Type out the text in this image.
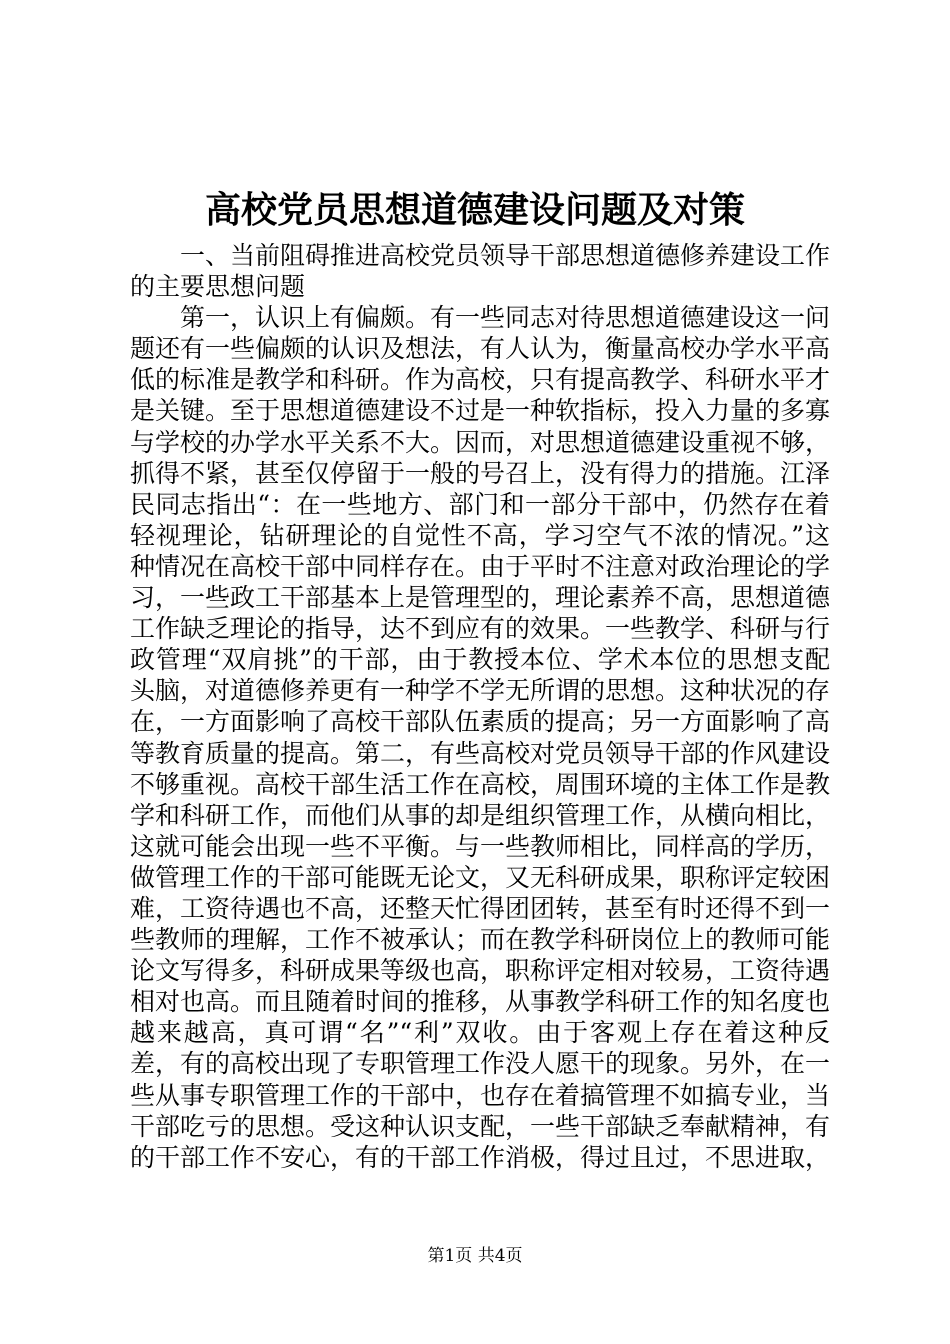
高校党员思想道德建设问题及对策

一、当前阻碍推进高校党员领导干部思想道德修养建设工作的主要思想问题

第一，认识上有偏颇。有一些同志对待思想道德建设这一问题还有一些偏颇的认识及想法，有人认为，衡量高校办学水平高低的标准是教学和科研。作为高校，只有提高教学、科研水平才是关键。至于思想道德建设不过是一种软指标，投入力量的多寡与学校的办学水平关系不大。因而，对思想道德建设重视不够，抓得不紧，甚至仅停留于一般的号召上，没有得力的措施。江泽民同志指出“：在一些地方、部门和一部分干部中，仍然存在着轻视理论，钻研理论的自觉性不高，学习空气不浓的情况。”这种情况在高校干部中同样存在。由于平时不注意对政治理论的学习，一些政工干部基本上是管理型的，理论素养不高，思想道德工作缺乏理论的指导，达不到应有的效果。一些教学、科研与行政管理“双肩挑”的干部，由于教授本位、学术本位的思想支配头脑，对道德修养更有一种学不学无所谓的思想。这种状况的存在，一方面影响了高校干部队伍素质的提高；另一方面影响了高等教育质量的提高。第二，有些高校对党员领导干部的作风建设不够重视。高校干部生活工作在高校，周围环境的主体工作是教学和科研工作，而他们从事的却是组织管理工作，从横向相比，这就可能会出现一些不平衡。与一些教师相比，同样高的学历，做管理工作的干部可能既无论文，又无科研成果，职称评定较困难，工资待遇也不高，还整天忙得团团转，甚至有时还得不到一些教师的理解，工作不被承认；而在教学科研岗位上的教师可能论文写得多，科研成果等级也高，职称评定相对较易，工资待遇相对也高。而且随着时间的推移，从事教学科研工作的知名度也越来越高，真可谓“名”“利”双收。由于客观上存在着这种反差，有的高校出现了专职管理工作没人愿干的现象。另外，在一些从事专职管理工作的干部中，也存在着搞管理不如搞专业，当干部吃亏的思想。受这种认识支配，一些干部缺乏奉献精神，有的干部工作不安心，有的干部工作消极，得过且过，不思进取，

第1页 共4页
